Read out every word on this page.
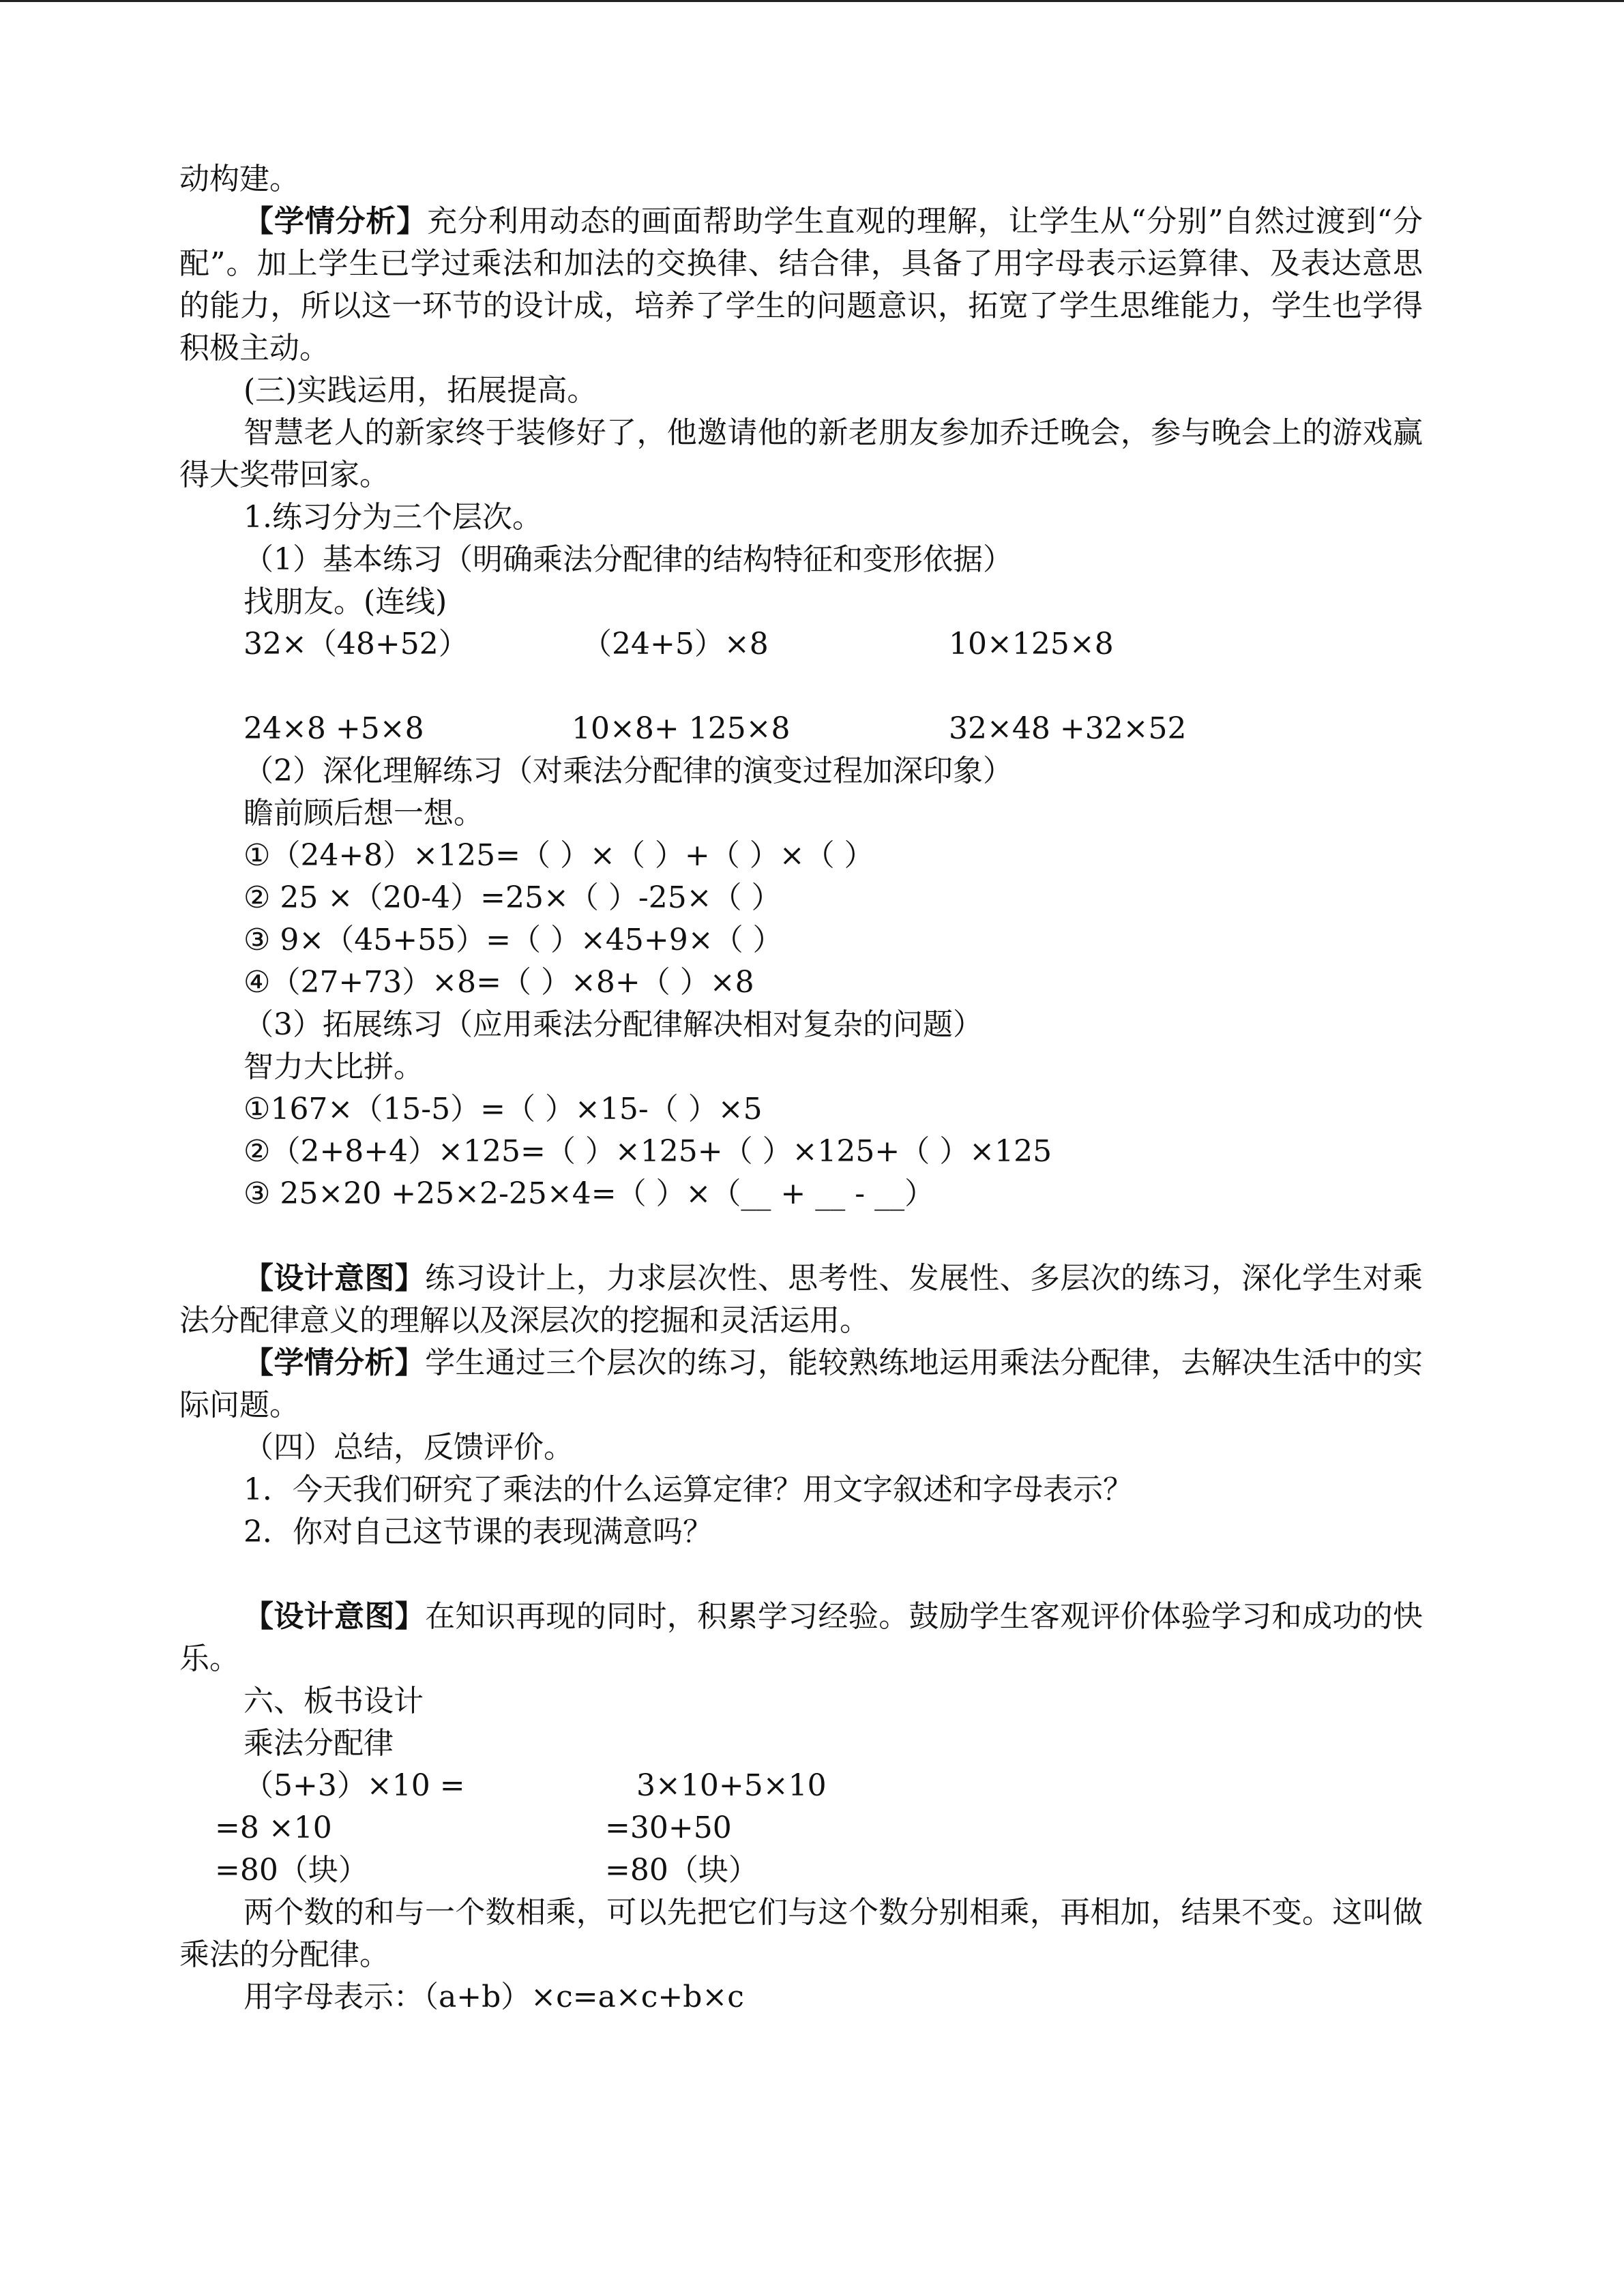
动构建。
【学情分析】充分利用动态的画面帮助学生直观的理解，让学生从“分别”自然过渡到“分配”。加上学生已学过乘法和加法的交换律、结合律，具备了用字母表示运算律、及表达意思的能力，所以这一环节的设计成，培养了学生的问题意识，拓宽了学生思维能力，学生也学得积极主动。
(三)实践运用，拓展提高。
智慧老人的新家终于装修好了，他邀请他的新老朋友参加乔迁晚会，参与晚会上的游戏赢得大奖带回家。
1.练习分为三个层次。
（1）基本练习（明确乘法分配律的结构特征和变形依据）
找朋友。(连线)
32×（48+52）	（24+5）×8	10×125×8
24×8 +5×8	10×8+ 125×8	32×48 +32×52
（2）深化理解练习（对乘法分配律的演变过程加深印象）
瞻前顾后想一想。
①（24+8）×125=（ ）×（ ）+（ ）×（ ）
② 25 ×（20-4）=25×（ ）-25×（ ）
③ 9×（45+55）=（ ）×45+9×（ ）
④（27+73）×8=（ ）×8+（ ）×8
（3）拓展练习（应用乘法分配律解决相对复杂的问题）
智力大比拼。
①167×（15-5）=（ ）×15-（ ）×5
②（2+8+4）×125=（ ）×125+（ ）×125+（ ）×125
③ 25×20 +25×2-25×4=（ ）×（__ + __ - __）
【设计意图】练习设计上，力求层次性、思考性、发展性、多层次的练习，深化学生对乘法分配律意义的理解以及深层次的挖掘和灵活运用。
【学情分析】学生通过三个层次的练习，能较熟练地运用乘法分配律，去解决生活中的实际问题。
（四）总结，反馈评价。
1．今天我们研究了乘法的什么运算定律？用文字叙述和字母表示？
2．你对自己这节课的表现满意吗？
【设计意图】在知识再现的同时，积累学习经验。鼓励学生客观评价体验学习和成功的快乐。
六、板书设计
乘法分配律
（5+3）×10 =	3×10+5×10
=8 ×10	=30+50
=80（块）	=80（块）
两个数的和与一个数相乘，可以先把它们与这个数分别相乘，再相加，结果不变。这叫做乘法的分配律。
用字母表示：（a+b）×c=a×c+b×c
